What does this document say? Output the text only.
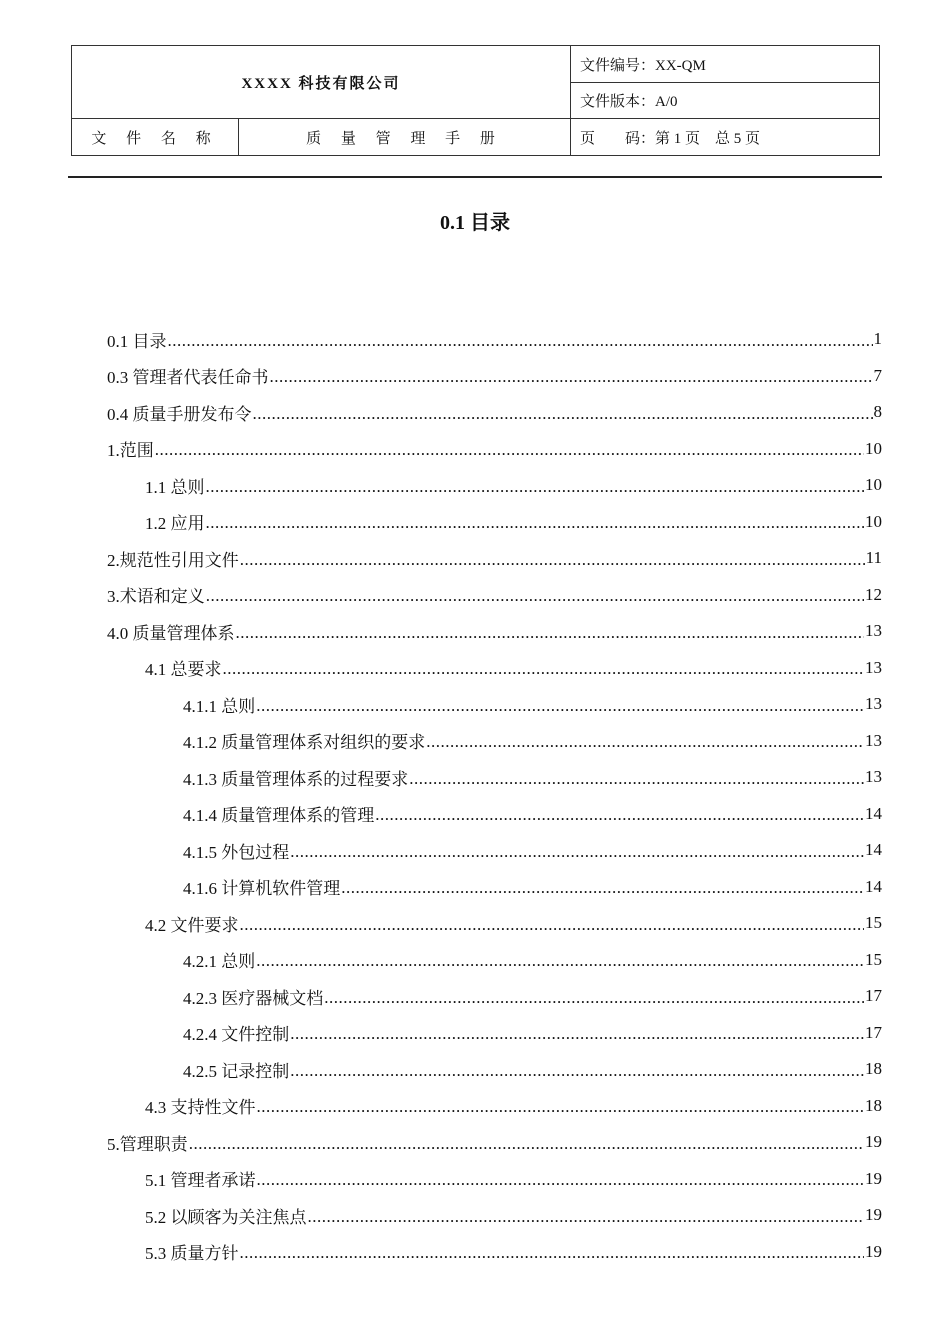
XXXX 科技有限公司		文件编号：XX-QM
		文件版本：A/0
文 件 名 称	质 量 管 理 手 册	页　　码：第 1 页　总 5 页
0.1 目录
0.1 目录 .....	1
0.3 管理者代表任命书 .....	7
0.4 质量手册发布令 .....	8
1.范围 .....	10
1.1 总则 .....	10
1.2 应用 .....	10
2.规范性引用文件 .....	11
3.术语和定义 .....	12
4.0 质量管理体系 .....	13
4.1 总要求 .....	13
4.1.1 总则 .....	13
4.1.2 质量管理体系对组织的要求 .....	13
4.1.3 质量管理体系的过程要求 .....	13
4.1.4 质量管理体系的管理 .....	14
4.1.5 外包过程 .....	14
4.1.6 计算机软件管理 .....	14
4.2 文件要求 .....	15
4.2.1 总则 .....	15
4.2.3 医疗器械文档 .....	17
4.2.4 文件控制 .....	17
4.2.5 记录控制 .....	18
4.3 支持性文件 .....	18
5.管理职责 .....	19
5.1 管理者承诺 .....	19
5.2 以顾客为关注焦点 .....	19
5.3 质量方针 .....	19
